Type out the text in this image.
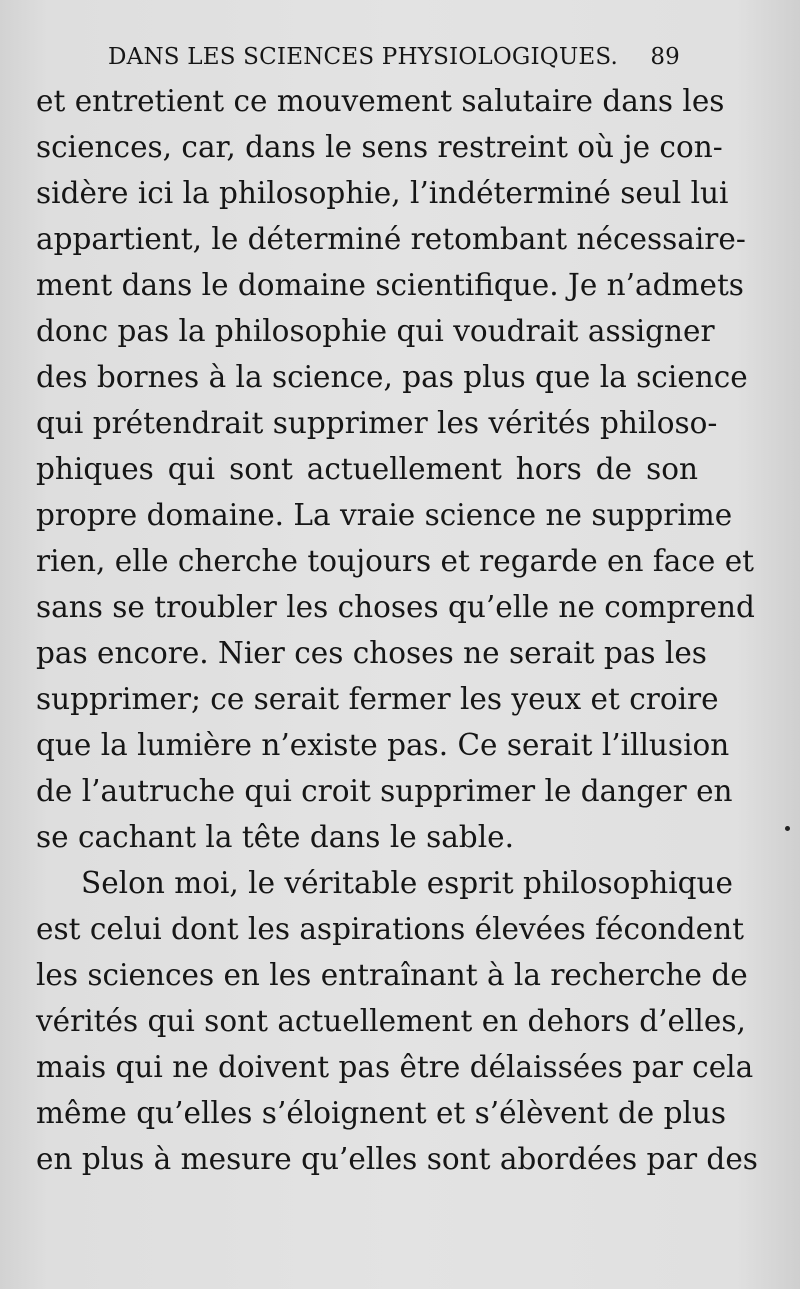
DANS LES SCIENCES PHYSIOLOGIQUES. 89
et entretient ce mouvement salutaire dans les
sciences, car, dans le sens restreint où je con-
sidère ici la philosophie, l’indéterminé seul lui
appartient, le déterminé retombant nécessaire-
ment dans le domaine scientifique. Je n’admets
donc pas la philosophie qui voudrait assigner
des bornes à la science, pas plus que la science
qui prétendrait supprimer les vérités philoso-
phiques qui sont actuellement hors de son
propre domaine. La vraie science ne supprime
rien, elle cherche toujours et regarde en face et
sans se troubler les choses qu’elle ne comprend
pas encore. Nier ces choses ne serait pas les
supprimer; ce serait fermer les yeux et croire
que la lumière n’existe pas. Ce serait l’illusion
de l’autruche qui croit supprimer le danger en
se cachant la tête dans le sable.
Selon moi, le véritable esprit philosophique
est celui dont les aspirations élevées fécondent
les sciences en les entraînant à la recherche de
vérités qui sont actuellement en dehors d’elles,
mais qui ne doivent pas être délaissées par cela
même qu’elles s’éloignent et s’élèvent de plus
en plus à mesure qu’elles sont abordées par des
